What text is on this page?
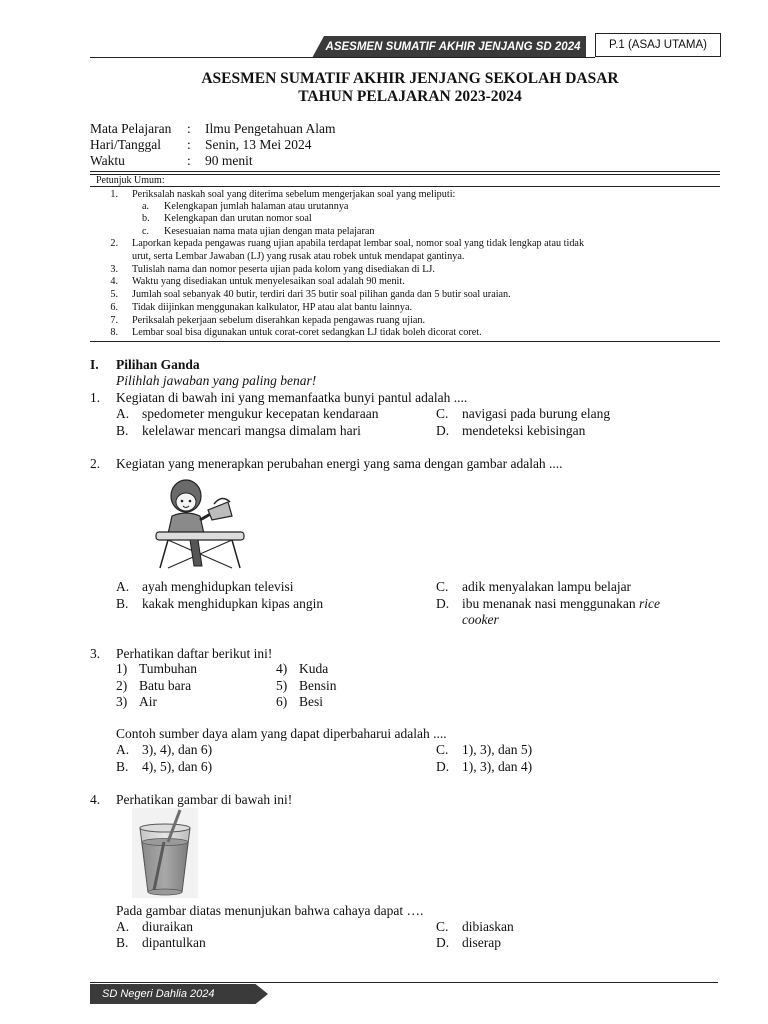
ASESMEN SUMATIF AKHIR JENJANG SD 2024	P.1 (ASAJ UTAMA)
ASESMEN SUMATIF AKHIR JENJANG SEKOLAH DASAR
TAHUN PELAJARAN 2023-2024
Mata Pelajaran	: Ilmu Pengetahuan Alam
Hari/Tanggal	: Senin, 13 Mei 2024
Waktu	: 90 menit
Petunjuk Umum:
1. Periksalah naskah soal yang diterima sebelum mengerjakan soal yang meliputi:
a. Kelengkapan jumlah halaman atau urutannya
b. Kelengkapan dan urutan nomor soal
c. Kesesuaian nama mata ujian dengan mata pelajaran
2. Laporkan kepada pengawas ruang ujian apabila terdapat lembar soal, nomor soal yang tidak lengkap atau tidak
urut, serta Lembar Jawaban (LJ) yang rusak atau robek untuk mendapat gantinya.
3. Tulislah nama dan nomor peserta ujian pada kolom yang disediakan di LJ.
4. Waktu yang disediakan untuk menyelesaikan soal adalah 90 menit.
5. Jumlah soal sebanyak 40 butir, terdiri dari 35 butir soal pilihan ganda dan 5 butir soal uraian.
6. Tidak diijinkan menggunakan kalkulator, HP atau alat bantu lainnya.
7. Periksalah pekerjaan sebelum diserahkan kepada pengawas ruang ujian.
8. Lembar soal bisa digunakan untuk corat-coret sedangkan LJ tidak boleh dicorat coret.
I. Pilihan Ganda
Pilihlah jawaban yang paling benar!
1. Kegiatan di bawah ini yang memanfaatka bunyi pantul adalah ....
A. spedometer mengukur kecepatan kendaraan
B. kelelawar mencari mangsa dimalam hari
C. navigasi pada burung elang
D. mendeteksi kebisingan
2. Kegiatan yang menerapkan perubahan energi yang sama dengan gambar adalah ....
A. ayah menghidupkan televisi
B. kakak menghidupkan kipas angin
C. adik menyalakan lampu belajar
D. ibu menanak nasi menggunakan rice
cooker
3. Perhatikan daftar berikut ini!
1) Tumbuhan
2) Batu bara
3) Air
4) Kuda
5) Bensin
6) Besi
Contoh sumber daya alam yang dapat diperbaharui adalah ....
A. 3), 4), dan 6)
B. 4), 5), dan 6)
C. 1), 3), dan 5)
D. 1), 3), dan 4)
4. Perhatikan gambar di bawah ini!
Pada gambar diatas menunjukan bahwa cahaya dapat ….
A. diuraikan
B. dipantulkan
C. dibiaskan
D. diserap
SD Negeri Dahlia 2024
